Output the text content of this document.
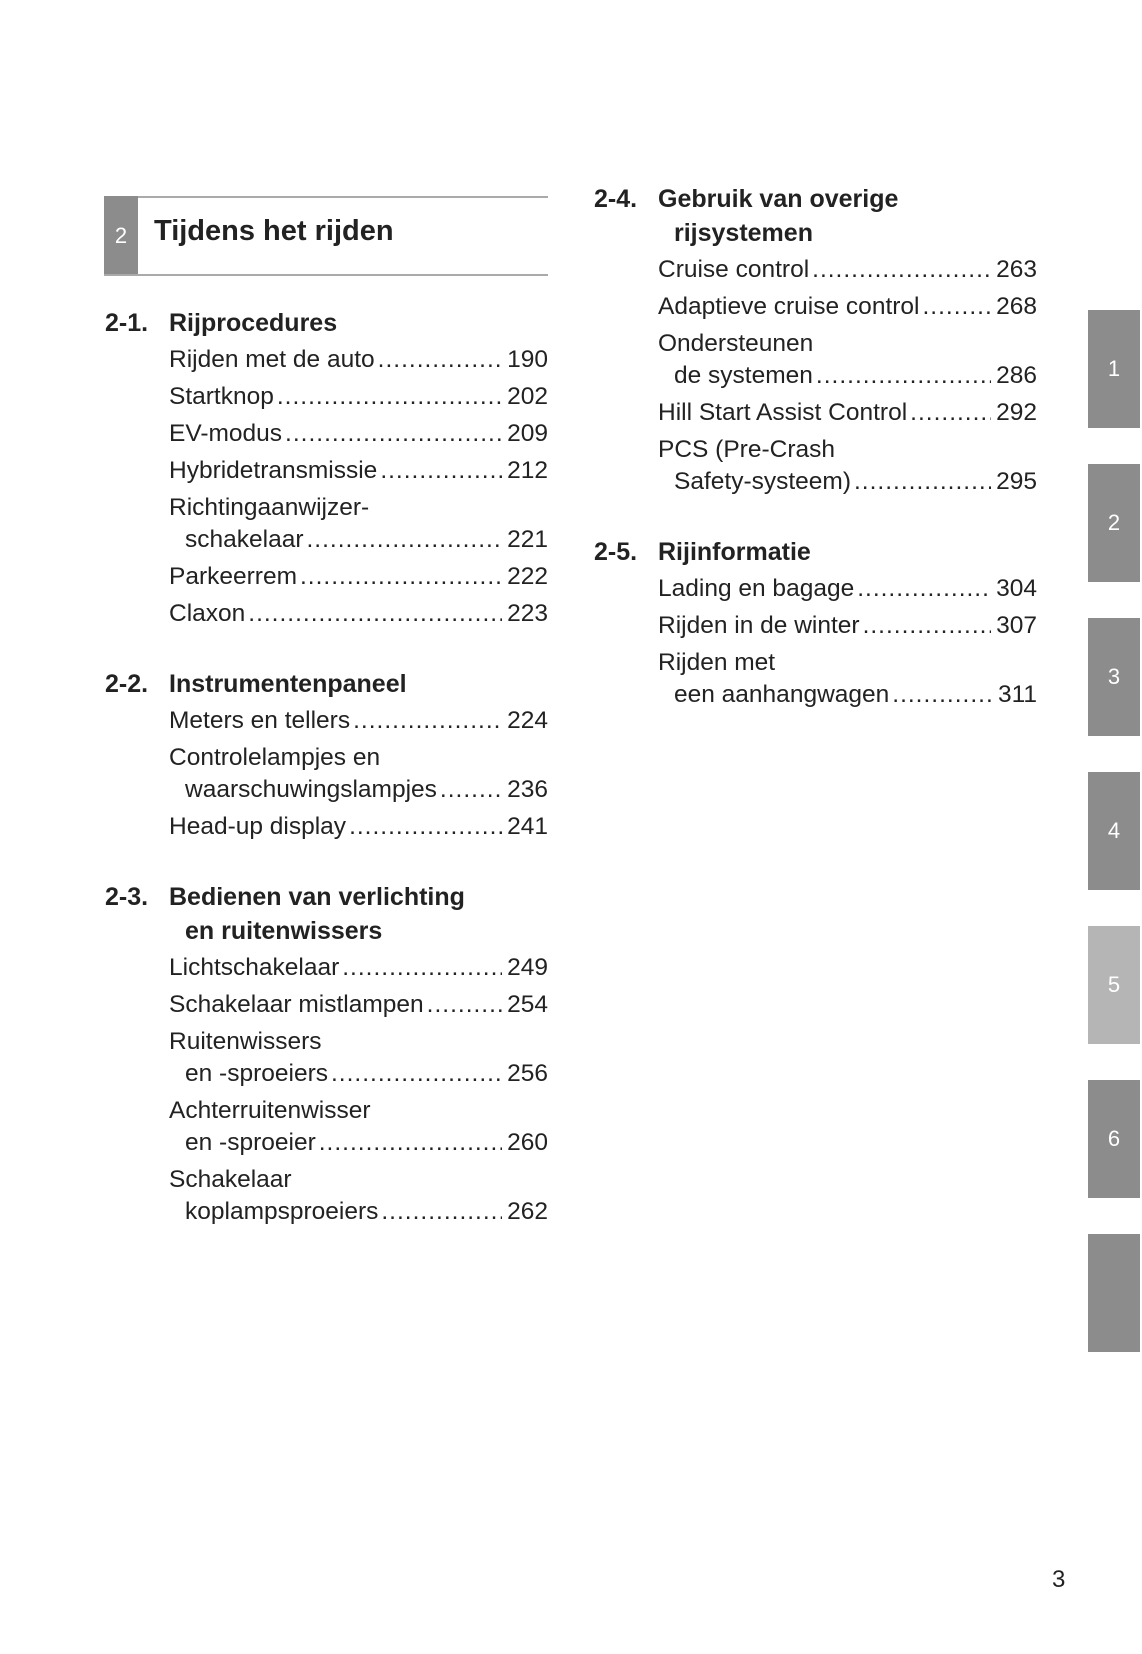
2 Tijdens het rijden
2-1. Rijprocedures
Rijden met de auto .....	190
Startknop .....	202
EV-modus .....	209
Hybridetransmissie .....	212
Richtingaanwijzer-
schakelaar .....	221
Parkeerrem .....	222
Claxon .....	223
2-2. Instrumentenpaneel
Meters en tellers .....	224
Controlelampjes en
waarschuwingslampjes .....	236
Head-up display .....	241
2-3. Bedienen van verlichting
en ruitenwissers
Lichtschakelaar .....	249
Schakelaar mistlampen .....	254
Ruitenwissers
en -sproeiers .....	256
Achterruitenwisser
en -sproeier .....	260
Schakelaar
koplampsproeiers .....	262
2-4. Gebruik van overige
rijsystemen
Cruise control .....	263
Adaptieve cruise control .....	268
Ondersteunen
de systemen .....	286
Hill Start Assist Control .....	292
PCS (Pre-Crash
Safety-systeem) .....	295
2-5. Rijinformatie
Lading en bagage .....	304
Rijden in de winter .....	307
Rijden met
een aanhangwagen .....	311
1
2
3
4
5
6
3
